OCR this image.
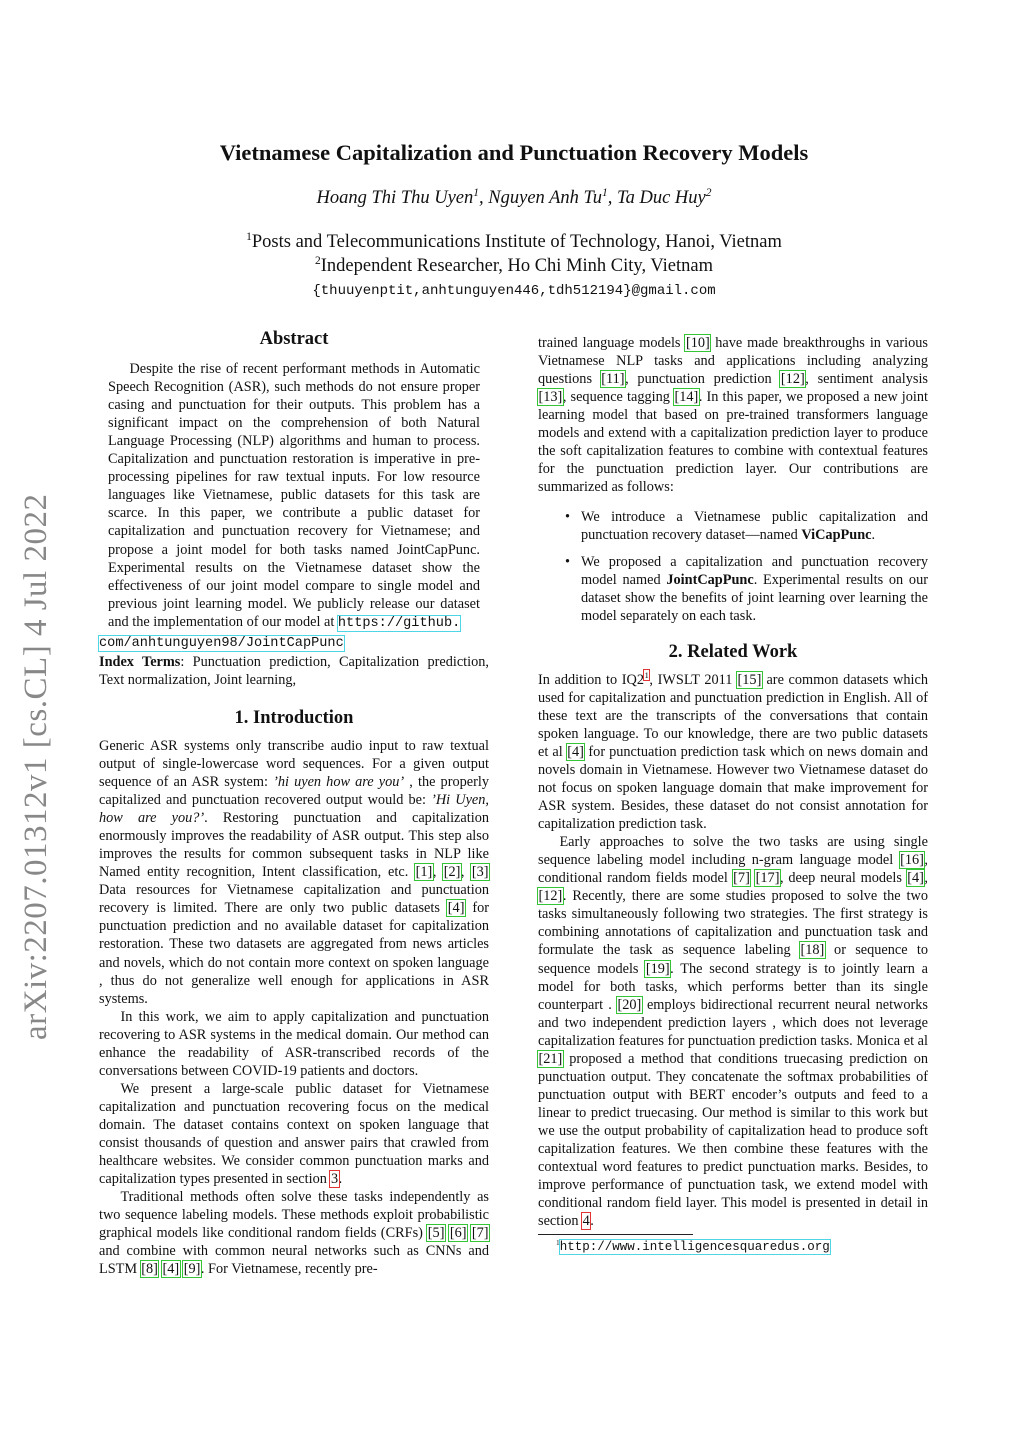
arXiv:2207.01312v1 [cs.CL] 4 Jul 2022
Vietnamese Capitalization and Punctuation Recovery Models
Hoang Thi Thu Uyen$^1$, Nguyen Anh Tu$^1$, Ta Duc Huy$^2$
$^1$Posts and Telecommunications Institute of Technology, Hanoi, Vietnam
$^2$Independent Researcher, Ho Chi Minh City, Vietnam
{thuuyenptit,anhtunguyen446,tdh512194}@gmail.com
Abstract

Despite the rise of recent performant methods in Automatic Speech Recognition (ASR), such methods do not ensure proper casing and punctuation for their outputs. This problem has a significant impact on the comprehension of both Natural Language Processing (NLP) algorithms and human to process. Capitalization and punctuation restoration is imperative in pre-processing pipelines for raw textual inputs. For low resource languages like Vietnamese, public datasets for this task are scarce. In this paper, we contribute a public dataset for capitalization and punctuation recovery for Vietnamese; and propose a joint model for both tasks named JointCapPunc. Experimental results on the Vietnamese dataset show the effectiveness of our joint model compare to single model and previous joint learning model. We publicly release our dataset and the implementation of our model at https://github.

com/anhtunguyen98/JointCapPunc

Index Terms: Punctuation prediction, Capitalization prediction, Text normalization, Joint learning,

1. Introduction

Generic ASR systems only transcribe audio input to raw textual output of single-lowercase word sequences. For a given output sequence of an ASR system: ’hi uyen how are you’ , the properly capitalized and punctuation recovered output would be: ’Hi Uyen, how are you?’. Restoring punctuation and capitalization enormously improves the readability of ASR output. This step also improves the results for common subsequent tasks in NLP like Named entity recognition, Intent classification, etc. [1], [2], [3] Data resources for Vietnamese capitalization and punctuation recovery is limited. There are only two public datasets [4] for punctuation prediction and no available dataset for capitalization restoration. These two datasets are aggregated from news articles and novels, which do not contain more context on spoken language , thus do not generalize well enough for applications in ASR systems.

In this work, we aim to apply capitalization and punctuation recovering to ASR systems in the medical domain. Our method can enhance the readability of ASR-transcribed records of the conversations between COVID-19 patients and doctors.

We present a large-scale public dataset for Vietnamese capitalization and punctuation recovering focus on the medical domain. The dataset contains context on spoken language that consist thousands of question and answer pairs that crawled from healthcare websites. We consider common punctuation marks and capitalization types presented in section 3.

Traditional methods often solve these tasks independently as two sequence labeling models. These methods exploit probabilistic graphical models like conditional random fields (CRFs) [5] [6] [7] and combine with common neural networks such as CNNs and LSTM [8] [4] [9]. For Vietnamese, recently pre-

trained language models [10] have made breakthroughs in various Vietnamese NLP tasks and applications including analyzing questions [11], punctuation prediction [12], sentiment analysis [13], sequence tagging [14]. In this paper, we proposed a new joint learning model that based on pre-trained transformers language models and extend with a capitalization prediction layer to produce the soft capitalization features to combine with contextual features for the punctuation prediction layer. Our contributions are summarized as follows:

• We introduce a Vietnamese public capitalization and punctuation recovery dataset—named ViCapPunc.
• We proposed a capitalization and punctuation recovery model named JointCapPunc. Experimental results on our dataset show the benefits of joint learning over learning the model separately on each task.
2. Related Work

In addition to $IQ2^1$, IWSLT 2011 [15] are common datasets which used for capitalization and punctuation prediction in English. All of these text are the transcripts of the conversations that contain spoken language. To our knowledge, there are two public datasets et al [4] for punctuation prediction task which on news domain and novels domain in Vietnamese. However two Vietnamese dataset do not focus on spoken language domain that make improvement for ASR system. Besides, these dataset do not consist annotation for capitalization prediction task.

Early approaches to solve the two tasks are using single sequence labeling model including n-gram language model [16], conditional random fields model [7] [17], deep neural models [4], [12]. Recently, there are some studies proposed to solve the two tasks simultaneously following two strategies. The first strategy is combining annotations of capitalization and punctuation task and formulate the task as sequence labeling [18] or sequence to sequence models [19]. The second strategy is to jointly learn a model for both tasks, which performs better than its single counterpart . [20] employs bidirectional recurrent neural networks and two independent prediction layers , which does not leverage capitalization features for punctuation prediction tasks. Monica et al [21] proposed a method that conditions truecasing prediction on punctuation output. They concatenate the softmax probabilities of punctuation output with BERT encoder’s outputs and feed to a linear to predict truecasing. Our method is similar to this work but we use the output probability of capitalization head to produce soft capitalization features. We then combine these features with the contextual word features to predict punctuation marks. Besides, to improve performance of punctuation task, we extend model with conditional random field layer. This model is presented in detail in section 4.

$^1$http://www.intelligencesquaredus.org
